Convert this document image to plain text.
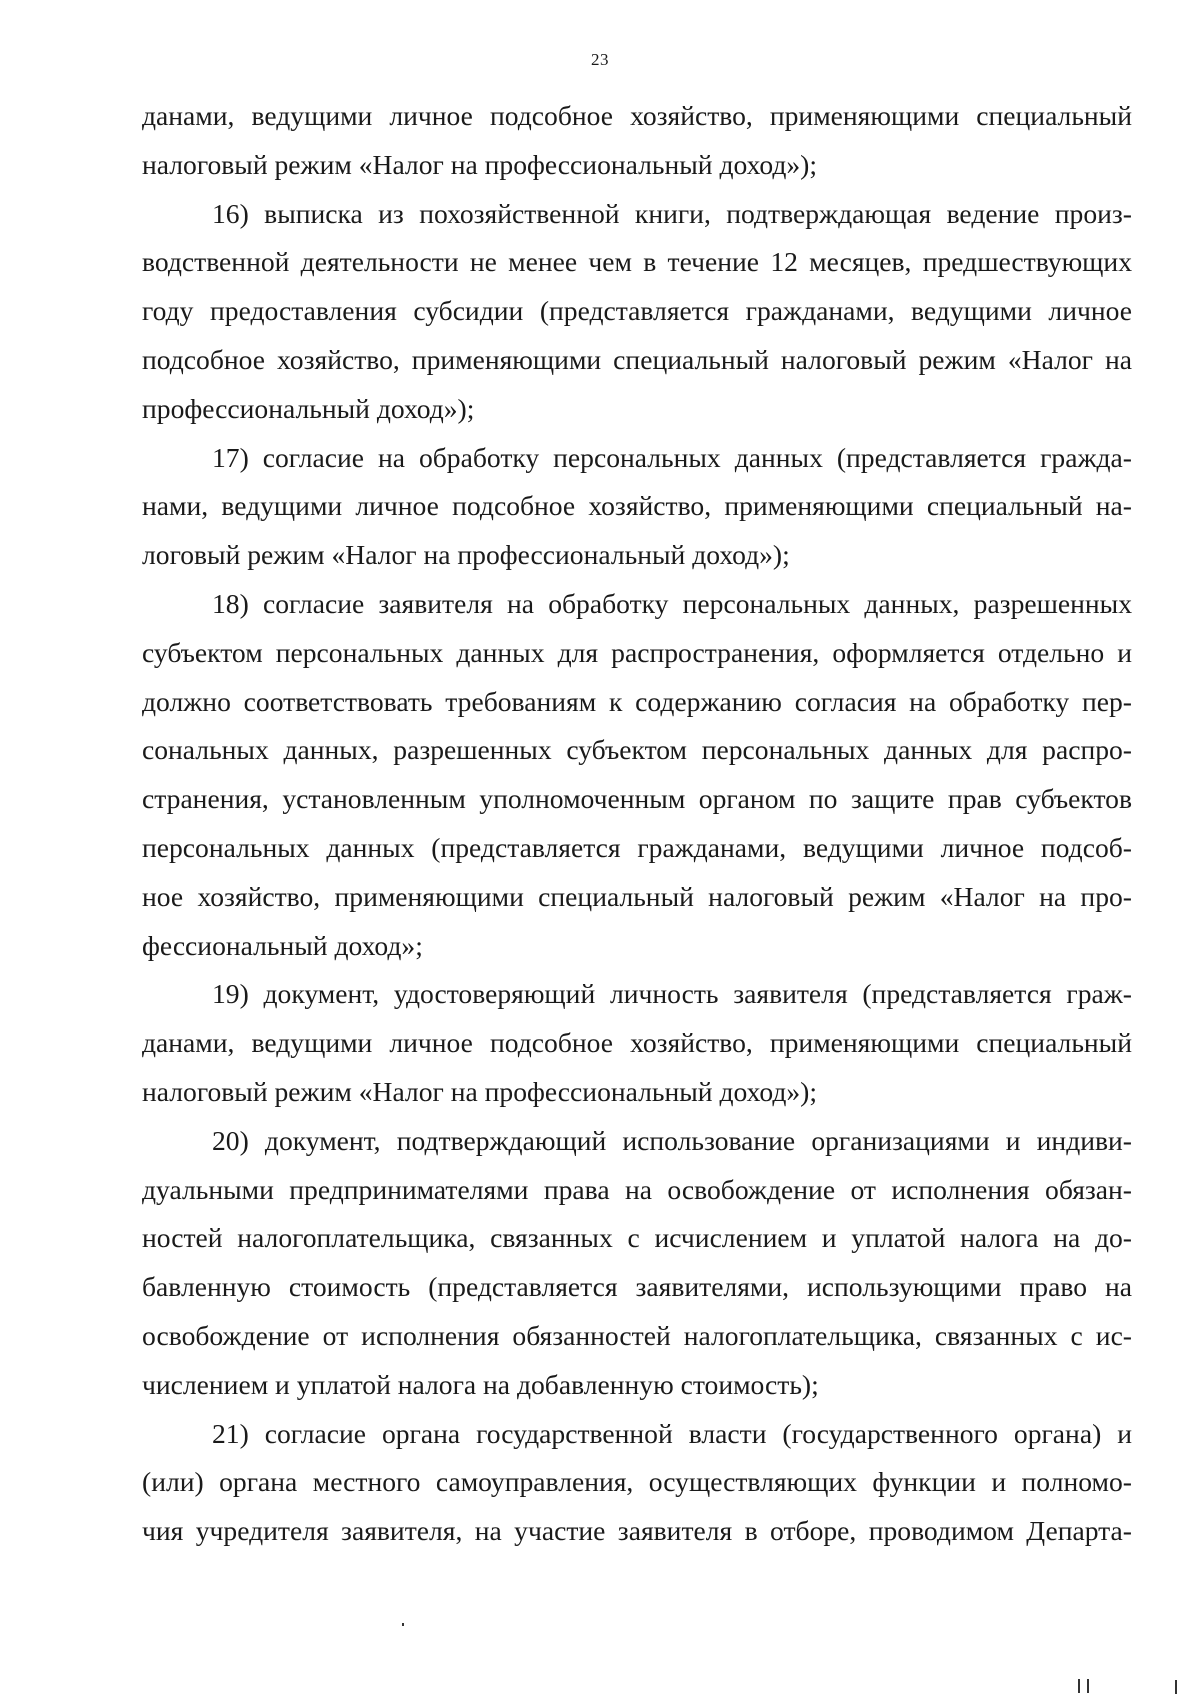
23

данами, ведущими личное подсобное хозяйство, применяющими специальный
налоговый режим «Налог на профессиональный доход»);

16) выписка из похозяйственной книги, подтверждающая ведение произ-
водственной деятельности не менее чем в течение 12 месяцев, предшествующих
году предоставления субсидии (представляется гражданами, ведущими личное
подсобное хозяйство, применяющими специальный налоговый режим «Налог на
профессиональный доход»);

17) согласие на обработку персональных данных (представляется гражда-
нами, ведущими личное подсобное хозяйство, применяющими специальный на-
логовый режим «Налог на профессиональный доход»);

18) согласие заявителя на обработку персональных данных, разрешенных
субъектом персональных данных для распространения, оформляется отдельно и
должно соответствовать требованиям к содержанию согласия на обработку пер-
сональных данных, разрешенных субъектом персональных данных для распро-
странения, установленным уполномоченным органом по защите прав субъектов
персональных данных (представляется гражданами, ведущими личное подсоб-
ное хозяйство, применяющими специальный налоговый режим «Налог на про-
фессиональный доход»;

19) документ, удостоверяющий личность заявителя (представляется граж-
данами, ведущими личное подсобное хозяйство, применяющими специальный
налоговый режим «Налог на профессиональный доход»);

20) документ, подтверждающий использование организациями и индиви-
дуальными предпринимателями права на освобождение от исполнения обязан-
ностей налогоплательщика, связанных с исчислением и уплатой налога на до-
бавленную стоимость (представляется заявителями, использующими право на
освобождение от исполнения обязанностей налогоплательщика, связанных с ис-
числением и уплатой налога на добавленную стоимость);

21) согласие органа государственной власти (государственного органа) и
(или) органа местного самоуправления, осуществляющих функции и полномо-
чия учредителя заявителя, на участие заявителя в отборе, проводимом Департа-
